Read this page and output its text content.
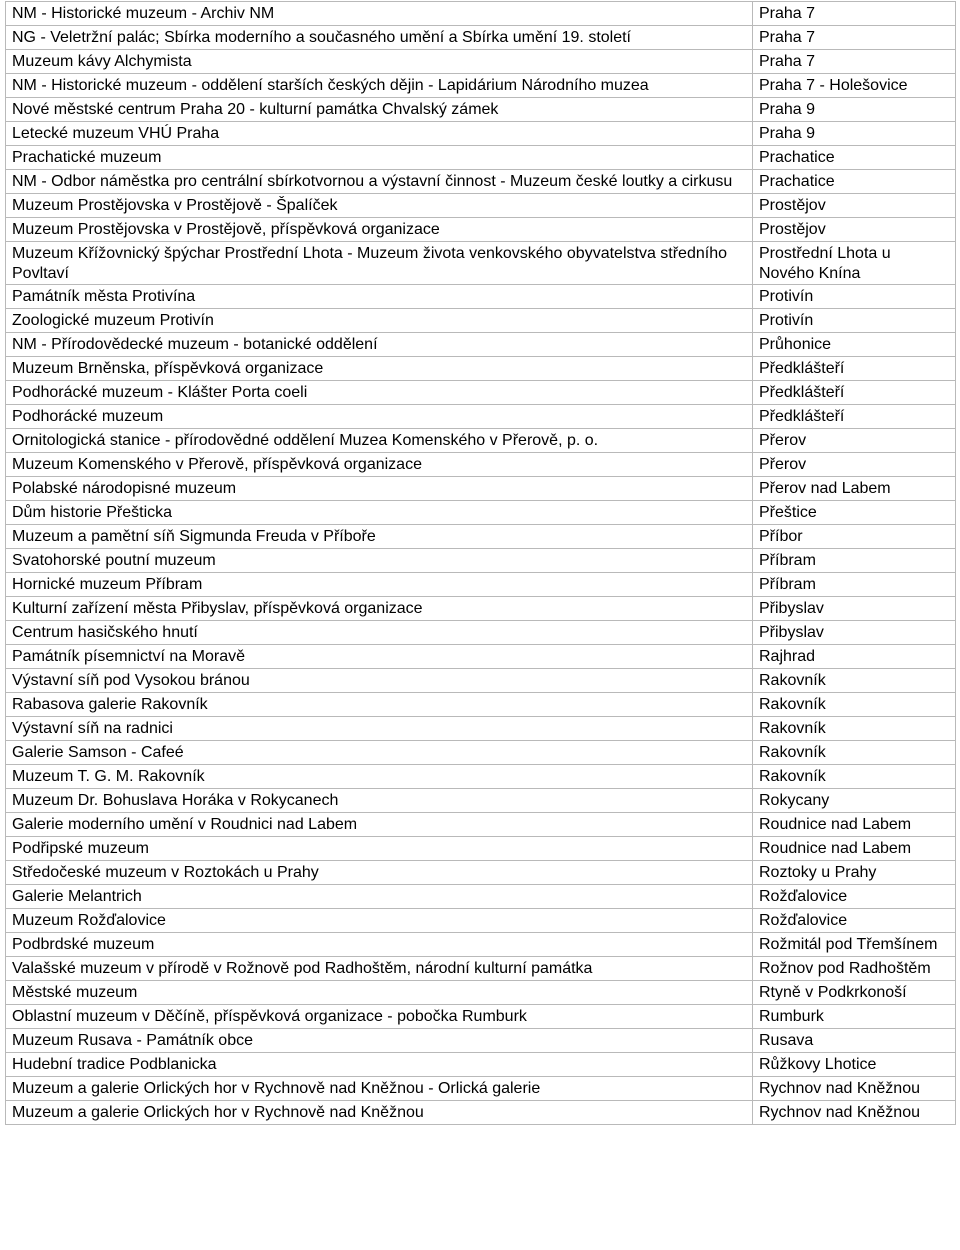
NM - Historické muzeum - Archiv NM	Praha 7
NG - Veletržní palác; Sbírka moderního a současného umění a Sbírka umění 19. století	Praha 7
Muzeum kávy Alchymista	Praha 7
NM - Historické muzeum - oddělení starších českých dějin - Lapidárium Národního muzea	Praha 7 - Holešovice
Nové městské centrum Praha 20 - kulturní památka Chvalský zámek	Praha 9
Letecké muzeum VHÚ Praha	Praha 9
Prachatické muzeum	Prachatice
NM - Odbor náměstka pro centrální sbírkotvornou a výstavní činnost - Muzeum české loutky a cirkusu	Prachatice
Muzeum Prostějovska v Prostějově - Špalíček	Prostějov
Muzeum Prostějovska v Prostějově, příspěvková organizace	Prostějov
Muzeum Křížovnický špýchar Prostřední Lhota - Muzeum života venkovského obyvatelstva středního Povltaví	Prostřední Lhota u Nového Knína
Památník města Protivína	Protivín
Zoologické muzeum Protivín	Protivín
NM - Přírodovědecké muzeum - botanické oddělení	Průhonice
Muzeum Brněnska, příspěvková organizace	Předklášteří
Podhorácké muzeum - Klášter Porta coeli	Předklášteří
Podhorácké muzeum	Předklášteří
Ornitologická stanice - přírodovědné oddělení Muzea Komenského v Přerově, p. o.	Přerov
Muzeum Komenského v Přerově, příspěvková organizace	Přerov
Polabské národopisné muzeum	Přerov nad Labem
Dům historie Přešticka	Přeštice
Muzeum a pamětní síň Sigmunda Freuda v Příboře	Příbor
Svatohorské poutní muzeum	Příbram
Hornické muzeum Příbram	Příbram
Kulturní zařízení města Přibyslav, příspěvková organizace	Přibyslav
Centrum hasičského hnutí	Přibyslav
Památník písemnictví na Moravě	Rajhrad
Výstavní síň pod Vysokou bránou	Rakovník
Rabasova galerie Rakovník	Rakovník
Výstavní síň na radnici	Rakovník
Galerie Samson - Cafeé	Rakovník
Muzeum T. G. M. Rakovník	Rakovník
Muzeum Dr. Bohuslava Horáka v Rokycanech	Rokycany
Galerie moderního umění v Roudnici nad Labem	Roudnice nad Labem
Podřipské muzeum	Roudnice nad Labem
Středočeské muzeum v Roztokách u Prahy	Roztoky u Prahy
Galerie Melantrich	Rožďalovice
Muzeum Rožďalovice	Rožďalovice
Podbrdské muzeum	Rožmitál pod Třemšínem
Valašské muzeum v přírodě v Rožnově pod Radhoštěm, národní kulturní památka	Rožnov pod Radhoštěm
Městské muzeum	Rtyně v Podkrkonoší
Oblastní muzeum v Děčíně, příspěvková organizace - pobočka Rumburk	Rumburk
Muzeum Rusava - Památník obce	Rusava
Hudební tradice Podblanicka	Růžkovy Lhotice
Muzeum a galerie Orlických hor v Rychnově nad Kněžnou - Orlická galerie	Rychnov nad Kněžnou
Muzeum a galerie Orlických hor v Rychnově nad Kněžnou	Rychnov nad Kněžnou
